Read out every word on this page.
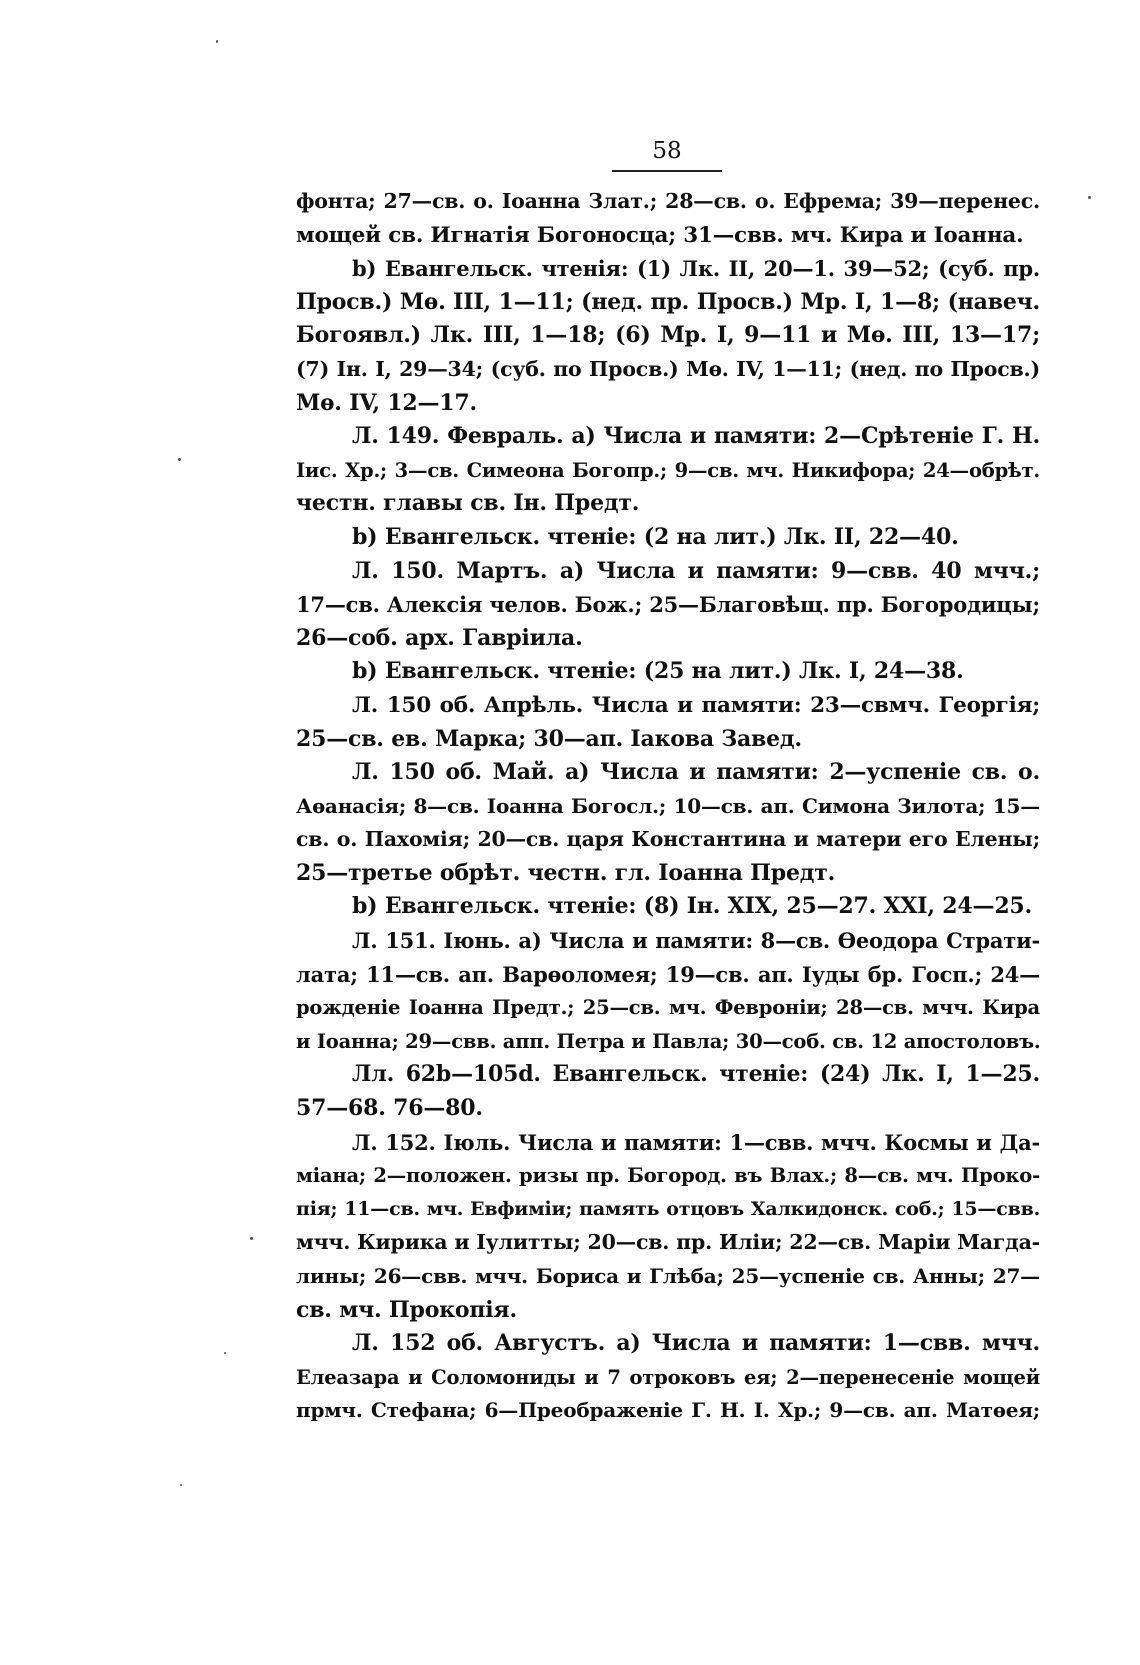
58
фонта; 27—св. о. Іоанна Злат.; 28—св. о. Ефрема; 39—перенес.
мощей св. Игнатія Богоносца; 31—свв. мч. Кира и Іоанна.
b) Евангельск. чтенія: (1) Лк. II, 20—1. 39—52; (суб. пр.
Просв.) Мѳ. III, 1—11; (нед. пр. Просв.) Мр. I, 1—8; (навеч.
Богоявл.) Лк. III, 1—18; (6) Мр. I, 9—11 и Мѳ. III, 13—17;
(7) Ін. I, 29—34; (суб. по Просв.) Мѳ. IV, 1—11; (нед. по Просв.)
Мѳ. IV, 12—17.
Л. 149. Февраль. а) Числа и памяти: 2—Срѣтеніе Г. Н.
Іис. Хр.; 3—св. Симеона Богопр.; 9—св. мч. Никифора; 24—обрѣт.
честн. главы св. Ін. Предт.
b) Евангельск. чтеніе: (2 на лит.) Лк. II, 22—40.
Л. 150. Мартъ. а) Числа и памяти: 9—свв. 40 мчч.;
17—св. Алексія челов. Бож.; 25—Благовѣщ. пр. Богородицы;
26—соб. арх. Гавріила.
b) Евангельск. чтеніе: (25 на лит.) Лк. I, 24—38.
Л. 150 об. Апрѣль. Числа и памяти: 23—свмч. Георгія;
25—св. ев. Марка; 30—ап. Іакова Завед.
Л. 150 об. Май. а) Числа и памяти: 2—успеніе св. о.
Аѳанасія; 8—св. Іоанна Богосл.; 10—св. ап. Симона Зилота; 15—
св. о. Пахомія; 20—св. царя Константина и матери его Елены;
25—третье обрѣт. честн. гл. Іоанна Предт.
b) Евангельск. чтеніе: (8) Ін. XIX, 25—27. XXI, 24—25.
Л. 151. Іюнь. а) Числа и памяти: 8—св. Ѳеодора Страти-
лата; 11—св. ап. Варѳоломея; 19—св. ап. Іуды бр. Госп.; 24—
рожденіе Іоанна Предт.; 25—св. мч. Февроніи; 28—св. мчч. Кира
и Іоанна; 29—свв. апп. Петра и Павла; 30—соб. св. 12 апостоловъ.
Лл. 62b—105d. Евангельск. чтеніе: (24) Лк. I, 1—25.
57—68. 76—80.
Л. 152. Іюль. Числа и памяти: 1—свв. мчч. Космы и Да-
міана; 2—положен. ризы пр. Богород. въ Влах.; 8—св. мч. Проко-
пія; 11—св. мч. Евфиміи; память отцовъ Халкидонск. соб.; 15—свв.
мчч. Кирика и Іулитты; 20—св. пр. Иліи; 22—св. Маріи Магда-
лины; 26—свв. мчч. Бориса и Глѣба; 25—успеніе св. Анны; 27—
св. мч. Прокопія.
Л. 152 об. Августъ. а) Числа и памяти: 1—свв. мчч.
Елеазара и Соломониды и 7 отроковъ ея; 2—перенесеніе мощей
прмч. Стефана; 6—Преображеніе Г. Н. І. Хр.; 9—св. ап. Матѳея;
